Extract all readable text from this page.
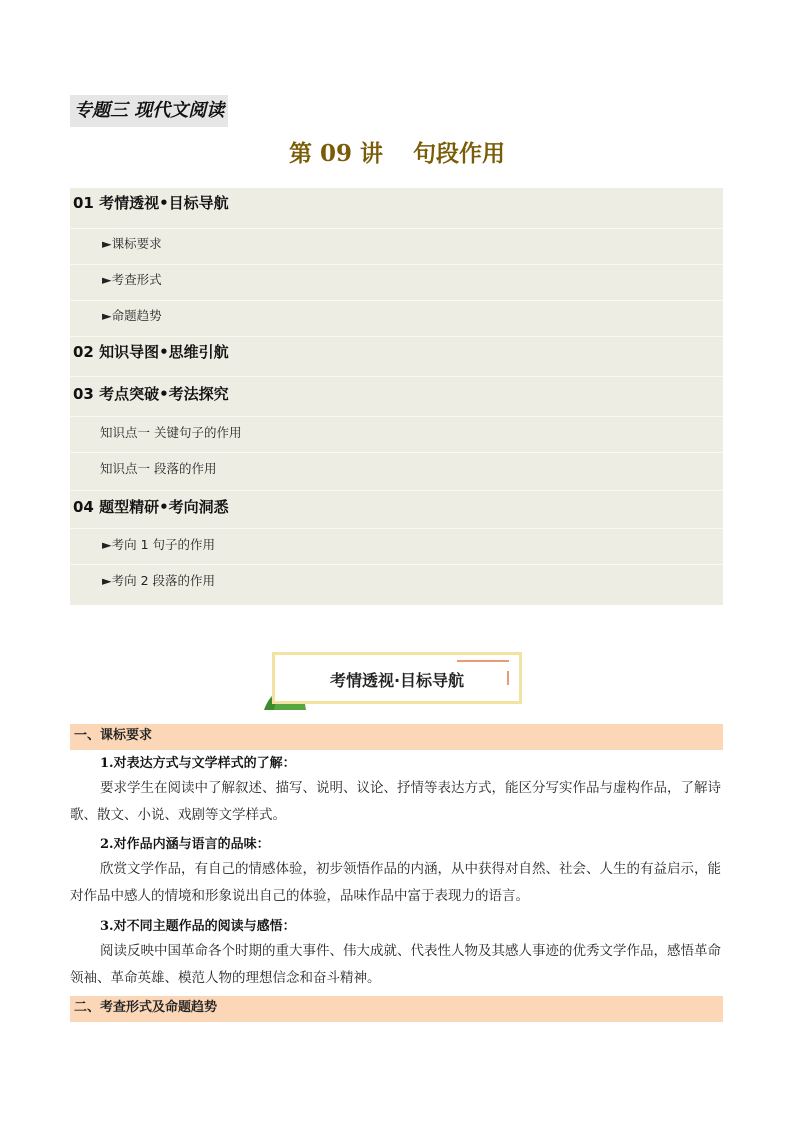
专题三 现代文阅读
第 09 讲 句段作用
01 考情透视•目标导航
►课标要求
►考查形式
►命题趋势
02 知识导图•思维引航
03 考点突破•考法探究
知识点一 关键句子的作用
知识点一 段落的作用
04 题型精研•考向洞悉
►考向 1 句子的作用
►考向 2 段落的作用
考情透视·目标导航
一、课标要求
1.对表达方式与文学样式的了解：

要求学生在阅读中了解叙述、描写、说明、议论、抒情等表达方式，能区分写实作品与虚构作品，了解诗歌、散文、小说、戏剧等文学样式。

2.对作品内涵与语言的品味：

欣赏文学作品，有自己的情感体验，初步领悟作品的内涵，从中获得对自然、社会、人生的有益启示，能对作品中感人的情境和形象说出自己的体验，品味作品中富于表现力的语言。

3.对不同主题作品的阅读与感悟：

阅读反映中国革命各个时期的重大事件、伟大成就、代表性人物及其感人事迹的优秀文学作品，感悟革命领袖、革命英雄、模范人物的理想信念和奋斗精神。

二、考查形式及命题趋势
